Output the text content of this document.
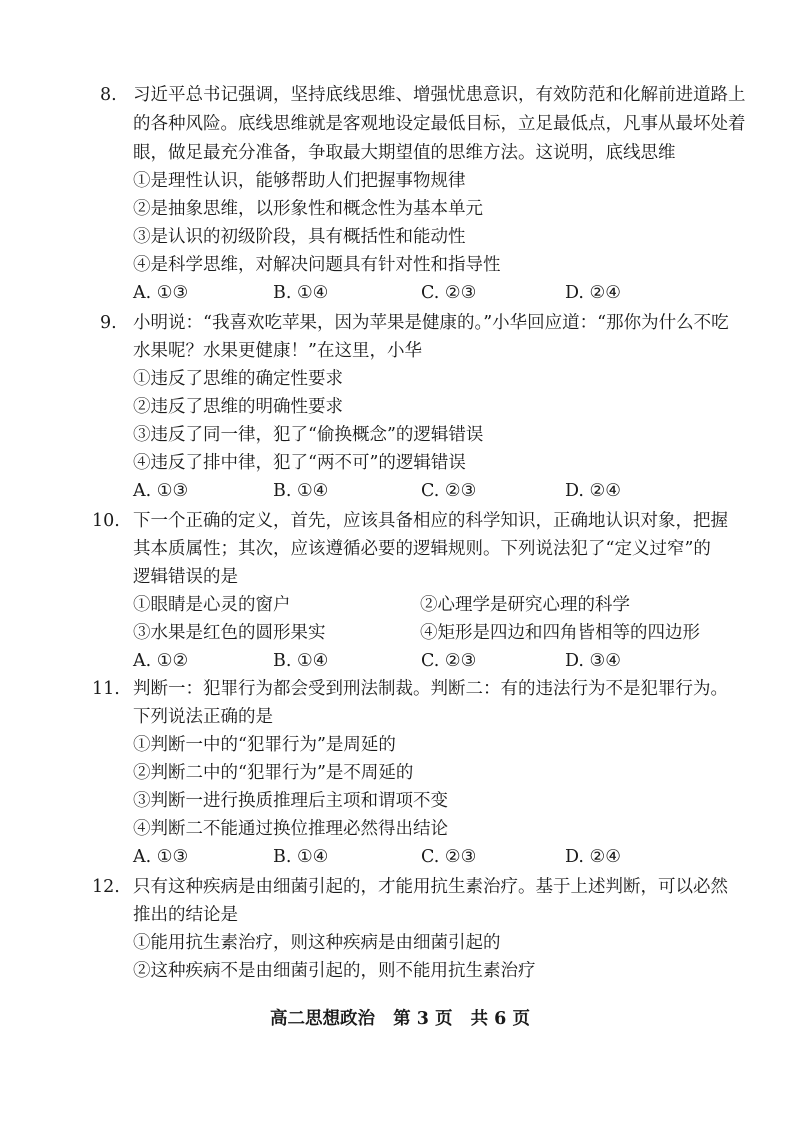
8. 习近平总书记强调，坚持底线思维、增强忧患意识，有效防范和化解前进道路上
的各种风险。底线思维就是客观地设定最低目标，立足最低点，凡事从最坏处着
眼，做足最充分准备，争取最大期望值的思维方法。这说明，底线思维
①是理性认识，能够帮助人们把握事物规律
②是抽象思维，以形象性和概念性为基本单元
③是认识的初级阶段，具有概括性和能动性
④是科学思维，对解决问题具有针对性和指导性
A. ①③	B. ①④	C. ②③	D. ②④
9. 小明说：“我喜欢吃苹果，因为苹果是健康的。”小华回应道：“那你为什么不吃
水果呢？水果更健康！”在这里，小华
①违反了思维的确定性要求
②违反了思维的明确性要求
③违反了同一律，犯了“偷换概念”的逻辑错误
④违反了排中律，犯了“两不可”的逻辑错误
A. ①③	B. ①④	C. ②③	D. ②④
10. 下一个正确的定义，首先，应该具备相应的科学知识，正确地认识对象，把握
其本质属性；其次，应该遵循必要的逻辑规则。下列说法犯了“定义过窄”的
逻辑错误的是
①眼睛是心灵的窗户	②心理学是研究心理的科学
③水果是红色的圆形果实	④矩形是四边和四角皆相等的四边形
A. ①②	B. ①④	C. ②③	D. ③④
11. 判断一：犯罪行为都会受到刑法制裁。判断二：有的违法行为不是犯罪行为。
下列说法正确的是
①判断一中的“犯罪行为”是周延的
②判断二中的“犯罪行为”是不周延的
③判断一进行换质推理后主项和谓项不变
④判断二不能通过换位推理必然得出结论
A. ①③	B. ①④	C. ②③	D. ②④
12. 只有这种疾病是由细菌引起的，才能用抗生素治疗。基于上述判断，可以必然
推出的结论是
①能用抗生素治疗，则这种疾病是由细菌引起的
②这种疾病不是由细菌引起的，则不能用抗生素治疗
高二思想政治 第 3 页 共 6 页
